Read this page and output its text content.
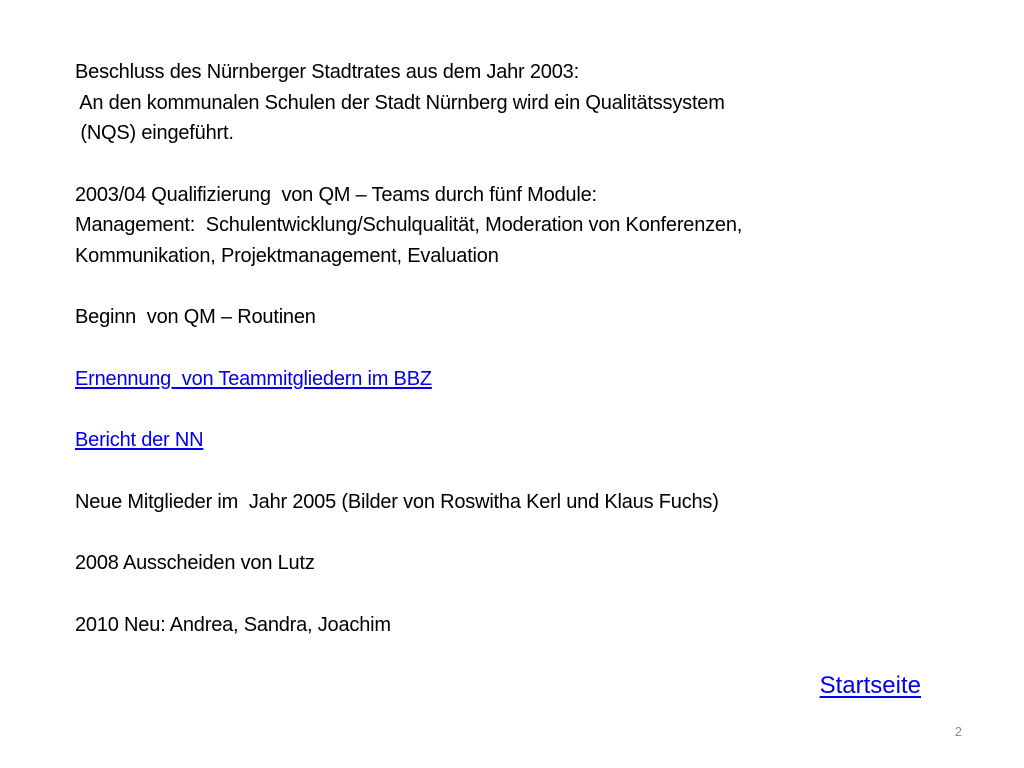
Beschluss des Nürnberger Stadtrates aus dem Jahr 2003:
An den kommunalen Schulen der Stadt Nürnberg wird ein Qualitätssystem
(NQS) eingeführt.
2003/04 Qualifizierung  von QM – Teams durch fünf Module:
Management:  Schulentwicklung/Schulqualität, Moderation von Konferenzen,
Kommunikation, Projektmanagement, Evaluation
Beginn  von QM – Routinen
Ernennung  von Teammitgliedern im BBZ
Bericht der NN
Neue Mitglieder im  Jahr 2005 (Bilder von Roswitha Kerl und Klaus Fuchs)
2008 Ausscheiden von Lutz
2010 Neu: Andrea, Sandra, Joachim
Startseite
2
